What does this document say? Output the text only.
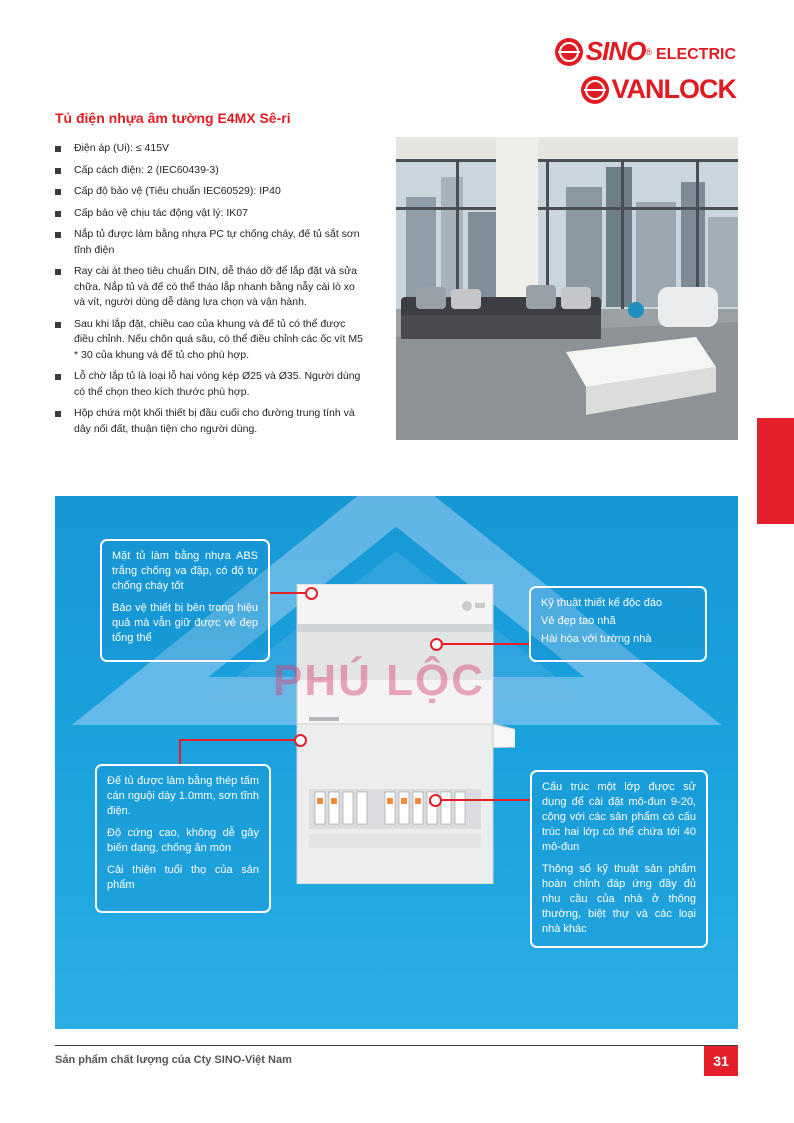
SINO ® ELECTRIC
VANLOCK
Tủ điện nhựa âm tường E4MX Sê-ri
Điện áp (Ui): ≤ 415V
Cấp cách điện: 2 (IEC60439-3)
Cấp độ bảo vệ (Tiêu chuẩn IEC60529): IP40
Cấp bảo vệ chịu tác động vật lý: IK07
Nắp tủ được làm bằng nhựa PC tự chống cháy, đế tủ sắt sơn tĩnh điện
Ray cài át theo tiêu chuẩn DIN, dễ tháo dỡ để lắp đặt và sửa chữa. Nắp tủ và đế có thể tháo lắp nhanh bằng nẫy cài lò xo và vít, người dùng dễ dàng lựa chọn và vận hành.
Sau khi lắp đặt, chiều cao của khung và đế tủ có thể được điều chỉnh. Nếu chôn quá sâu, có thể điều chỉnh các ốc vít M5 * 30 của khung và đế tủ cho phù hợp.
Lỗ chờ lắp tủ là loại lỗ hai vòng kép Ø25 và Ø35. Người dùng có thể chọn theo kích thước phù hợp.
Hộp chứa một khối thiết bị đầu cuối cho đường trung tính và dây nối đất, thuận tiện cho người dùng.
PHÚ LỘC

Mặt tủ làm bằng nhựa ABS trắng chống va đập, có độ tự chống cháy tốt

Bảo vệ thiết bị bên trong hiệu quả mà vẫn giữ được vẻ đẹp tổng thể

Kỹ thuật thiết kế độc đáo

Vẻ đẹp tao nhã

Hài hòa với tường nhà

Đế tủ được làm bằng thép tấm cán nguội dày 1.0mm, sơn tĩnh điện.

Độ cứng cao, không dễ gây biến dạng, chống ăn mòn

Cải thiện tuổi thọ của sản phẩm

Cấu trúc một lớp được sử dụng để cài đặt mô-đun 9-20, cộng với các sản phẩm có cấu trúc hai lớp có thể chứa tới 40 mô-đun

Thông số kỹ thuật sản phẩm hoàn chỉnh đáp ứng đầy đủ nhu cầu của nhà ở thông thường, biệt thự và các loại nhà khác

Sản phẩm chất lượng của Cty SINO-Việt Nam	31
